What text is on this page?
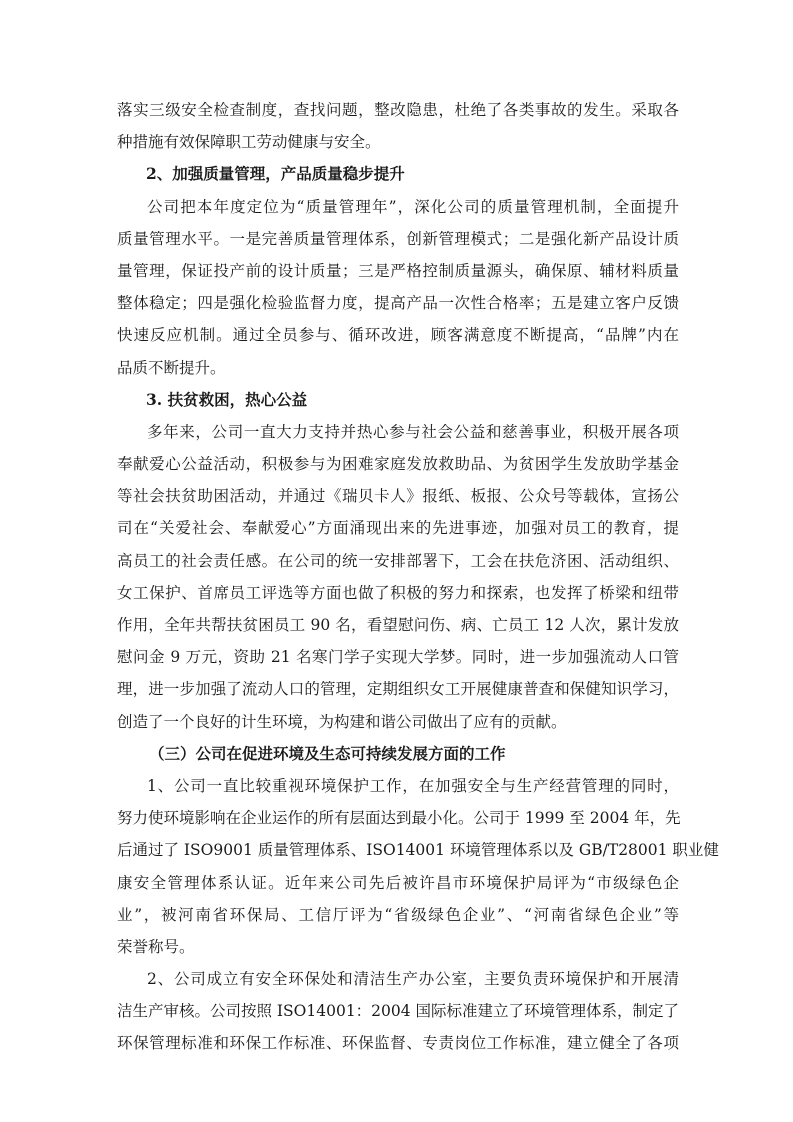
落实三级安全检查制度，查找问题，整改隐患，杜绝了各类事故的发生。采取各
种措施有效保障职工劳动健康与安全。
2、加强质量管理，产品质量稳步提升
公司把本年度定位为“质量管理年”，深化公司的质量管理机制，全面提升
质量管理水平。一是完善质量管理体系，创新管理模式；二是强化新产品设计质
量管理，保证投产前的设计质量；三是严格控制质量源头，确保原、辅材料质量
整体稳定；四是强化检验监督力度，提高产品一次性合格率；五是建立客户反馈
快速反应机制。通过全员参与、循环改进，顾客满意度不断提高，“品牌”内在
品质不断提升。
3. 扶贫救困，热心公益
多年来，公司一直大力支持并热心参与社会公益和慈善事业，积极开展各项
奉献爱心公益活动，积极参与为困难家庭发放救助品、为贫困学生发放助学基金
等社会扶贫助困活动，并通过《瑞贝卡人》报纸、板报、公众号等载体，宣扬公
司在“关爱社会、奉献爱心”方面涌现出来的先进事迹，加强对员工的教育，提
高员工的社会责任感。在公司的统一安排部署下，工会在扶危济困、活动组织、
女工保护、首席员工评选等方面也做了积极的努力和探索，也发挥了桥梁和纽带
作用，全年共帮扶贫困员工 90 名，看望慰问伤、病、亡员工 12 人次，累计发放
慰问金 9 万元，资助 21 名寒门学子实现大学梦。同时，进一步加强流动人口管
理，进一步加强了流动人口的管理，定期组织女工开展健康普查和保健知识学习，
创造了一个良好的计生环境，为构建和谐公司做出了应有的贡献。
（三）公司在促进环境及生态可持续发展方面的工作
1、公司一直比较重视环境保护工作，在加强安全与生产经营管理的同时，
努力使环境影响在企业运作的所有层面达到最小化。公司于 1999 至 2004 年，先
后通过了 ISO9001 质量管理体系、ISO14001 环境管理体系以及 GB/T28001 职业健
康安全管理体系认证。近年来公司先后被许昌市环境保护局评为“市级绿色企
业”，被河南省环保局、工信厅评为“省级绿色企业”、“河南省绿色企业”等
荣誉称号。
2、公司成立有安全环保处和清洁生产办公室，主要负责环境保护和开展清
洁生产审核。公司按照 ISO14001：2004 国际标准建立了环境管理体系，制定了
环保管理标准和环保工作标准、环保监督、专责岗位工作标准，建立健全了各项
